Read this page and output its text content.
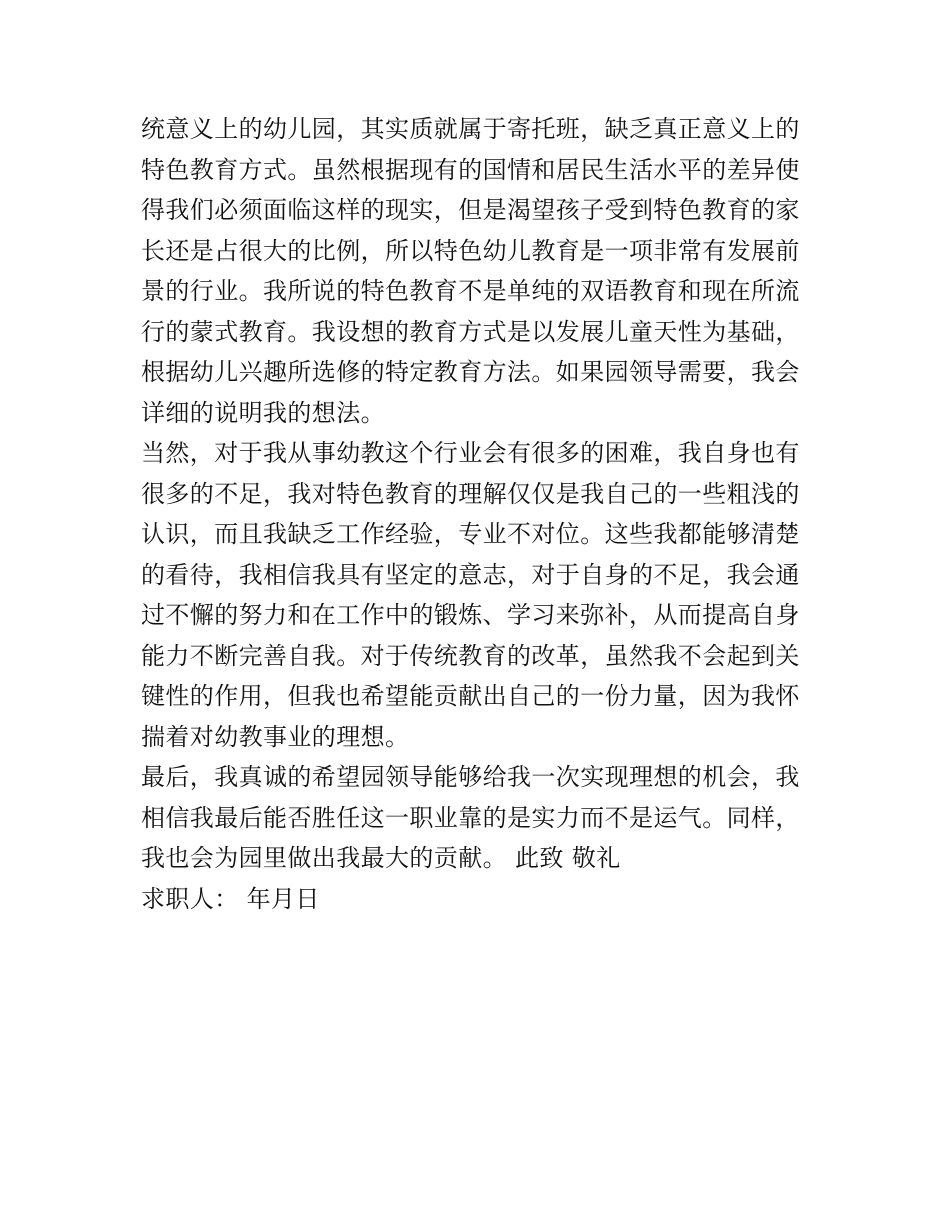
统意义上的幼儿园，其实质就属于寄托班，缺乏真正意义上的
特色教育方式。虽然根据现有的国情和居民生活水平的差异使
得我们必须面临这样的现实，但是渴望孩子受到特色教育的家
长还是占很大的比例，所以特色幼儿教育是一项非常有发展前
景的行业。我所说的特色教育不是单纯的双语教育和现在所流
行的蒙式教育。我设想的教育方式是以发展儿童天性为基础，
根据幼儿兴趣所选修的特定教育方法。如果园领导需要，我会
详细的说明我的想法。
当然，对于我从事幼教这个行业会有很多的困难，我自身也有
很多的不足，我对特色教育的理解仅仅是我自己的一些粗浅的
认识，而且我缺乏工作经验，专业不对位。这些我都能够清楚
的看待，我相信我具有坚定的意志，对于自身的不足，我会通
过不懈的努力和在工作中的锻炼、学习来弥补，从而提高自身
能力不断完善自我。对于传统教育的改革，虽然我不会起到关
键性的作用，但我也希望能贡献出自己的一份力量，因为我怀
揣着对幼教事业的理想。
最后，我真诚的希望园领导能够给我一次实现理想的机会，我
相信我最后能否胜任这一职业靠的是实力而不是运气。同样，
我也会为园里做出我最大的贡献。 此致 敬礼
求职人： 年月日
